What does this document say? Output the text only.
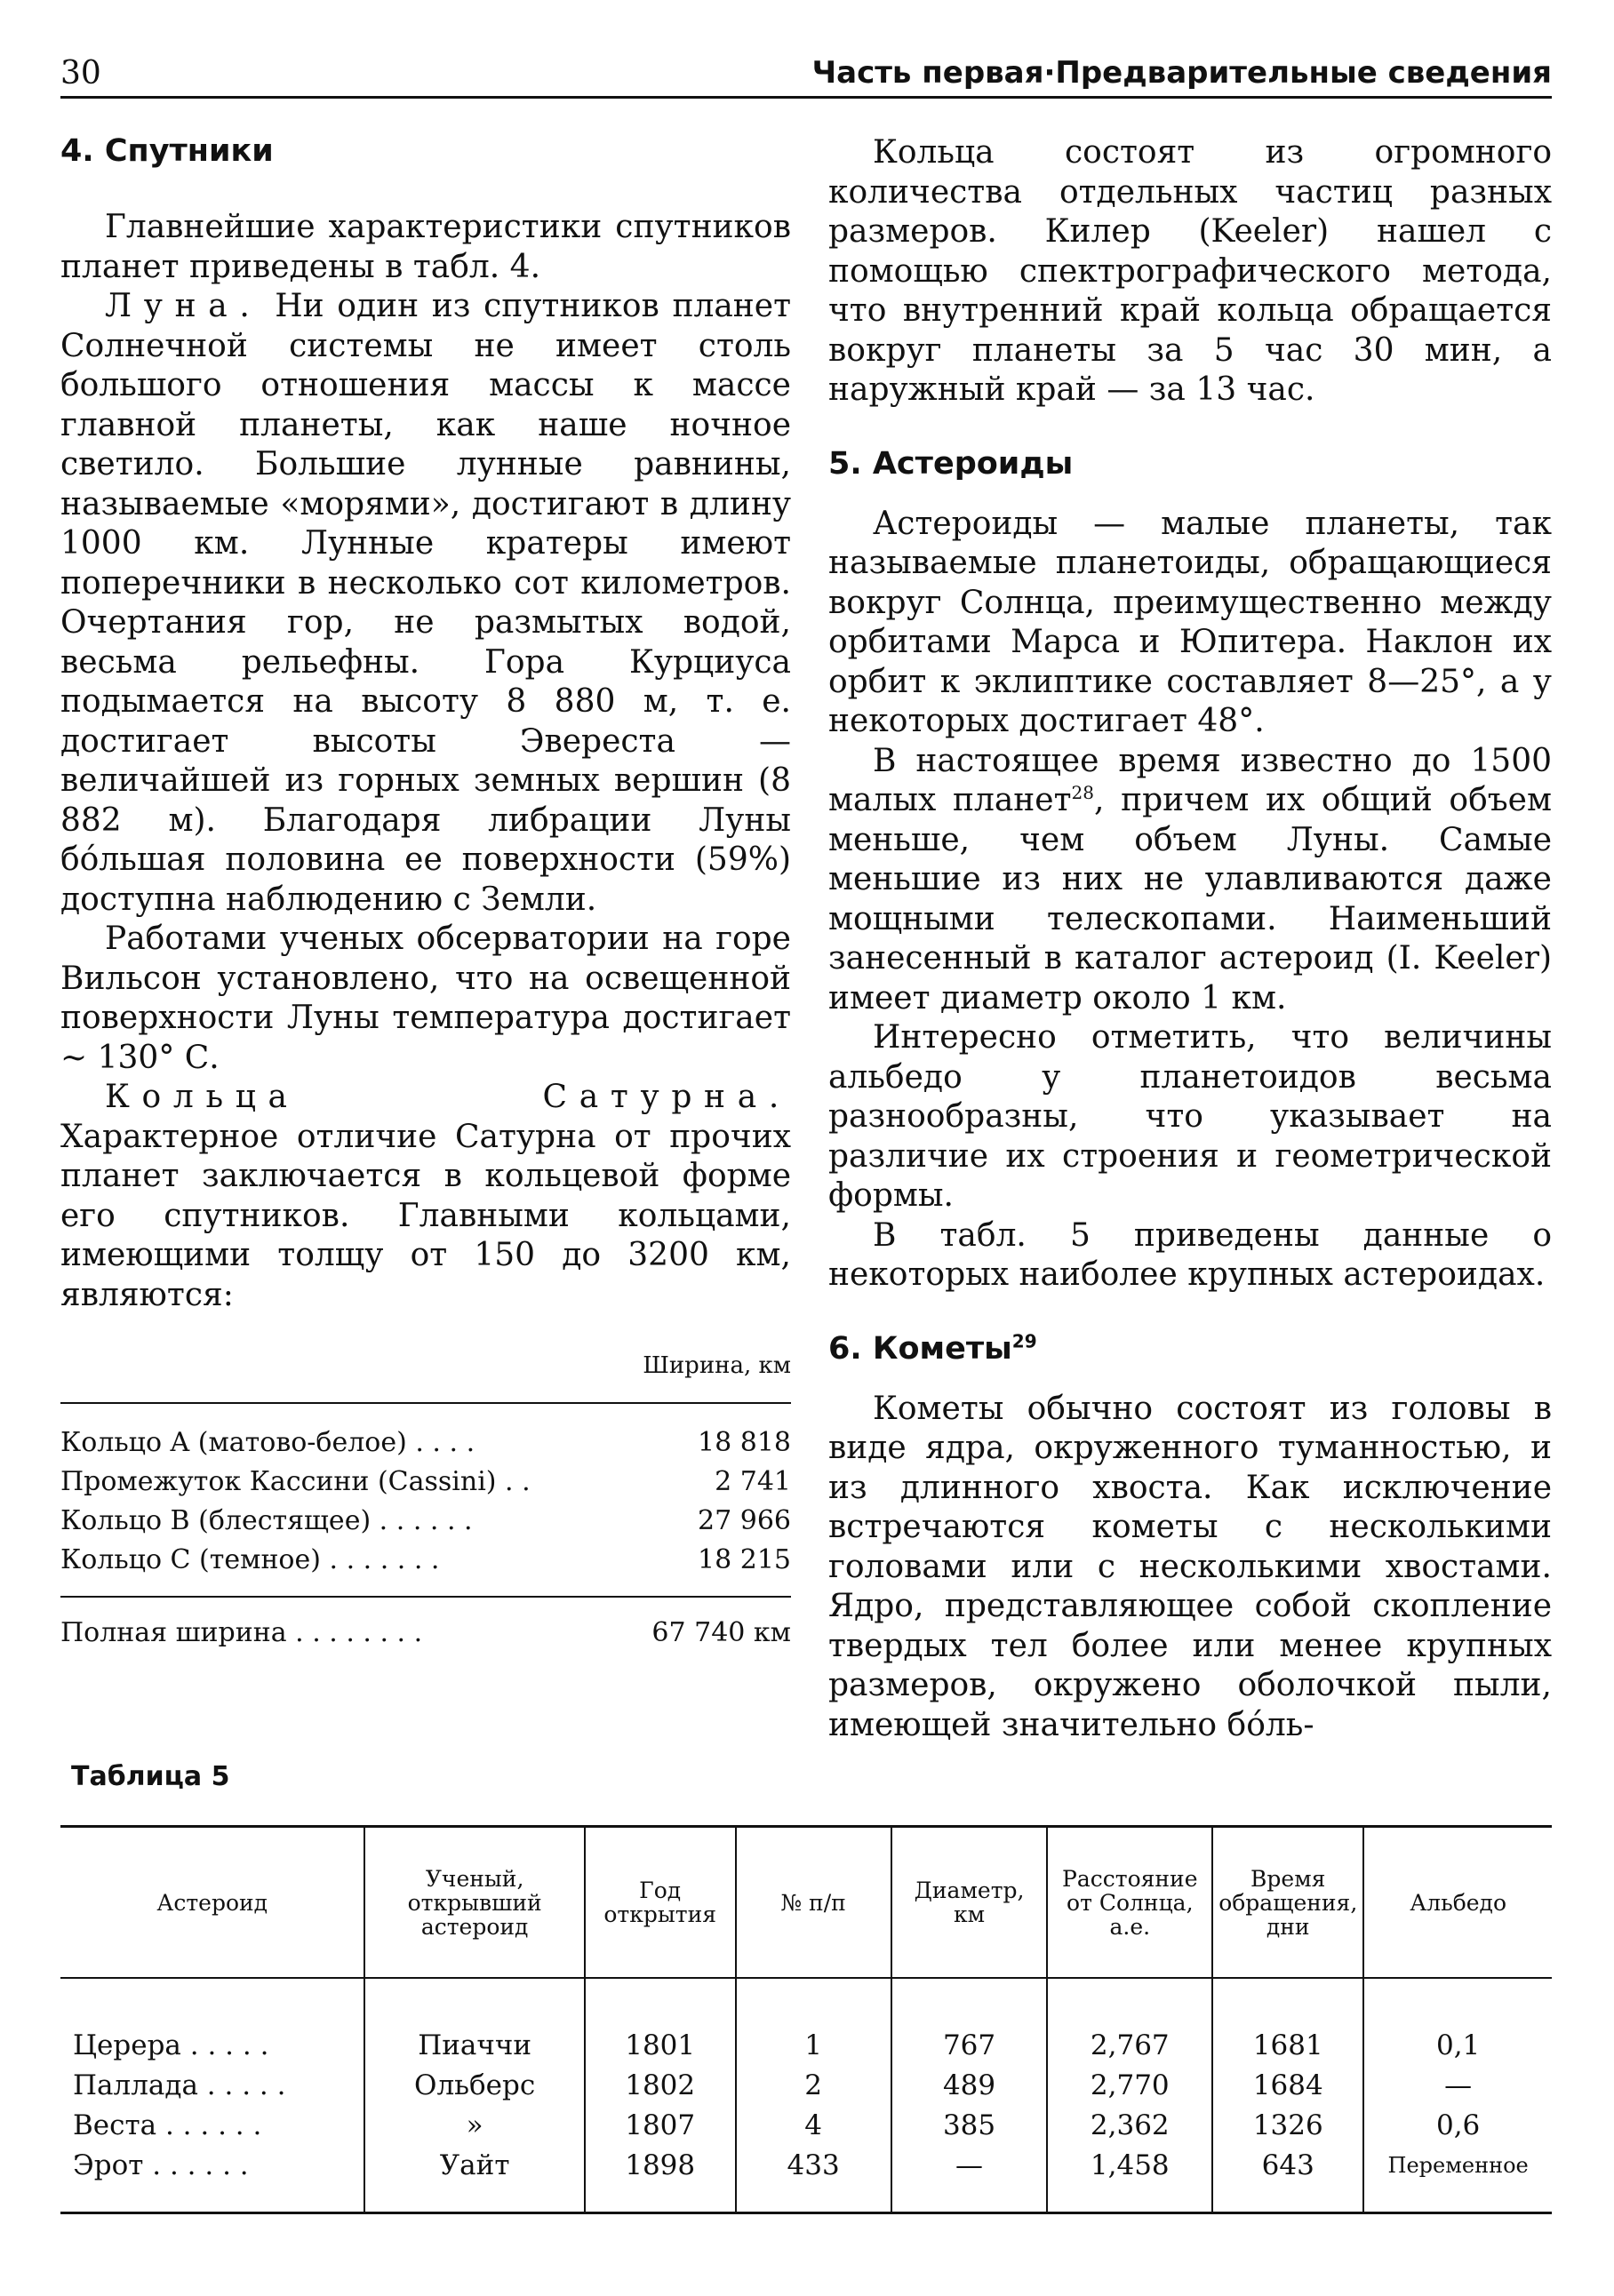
30	Часть первая·Предварительные сведения
4. Спутники

Главнейшие характеристики спутников планет приведены в табл. 4.

Луна. Ни один из спутников планет Солнечной системы не имеет столь большого отношения массы к массе главной планеты, как наше ночное светило. Большие лунные равнины, называемые «морями», достигают в длину 1000 км. Лунные кратеры имеют поперечники в несколько сот километров. Очертания гор, не размытых водой, весьма рельефны. Гора Курциуса подымается на высоту 8 880 м, т. е. достигает высоты Эвереста — величайшей из горных земных вершин (8 882 м). Благодаря либрации Луны бóльшая половина ее поверхности (59%) доступна наблюдению с Земли.

Работами ученых обсерватории на горе Вильсон установлено, что на освещенной поверхности Луны температура достигает ∼ 130° С.

Кольца Сатурна. Характерное отличие Сатурна от прочих планет заключается в кольцевой форме его спутников. Главными кольцами, имеющими толщу от 150 до 3200 км, являются:

Ширина, км
Кольцо A (матово-белое) . . . .	18 818
Промежуток Кассини (Cassini) . .	2 741
Кольцо B (блестящее) . . . . . .	27 966
Кольцо C (темное) . . . . . . .	18 215
Полная ширина . . . . . . . .	67 740 км

Кольца состоят из огромного количества отдельных частиц разных размеров. Килер (Keeler) нашел с помощью спектрографического метода, что внутренний край кольца обращается вокруг планеты за 5 час 30 мин, а наружный край — за 13 час.

5. Астероиды

Астероиды — малые планеты, так называемые планетоиды, обращающиеся вокруг Солнца, преимущественно между орбитами Марса и Юпитера. Наклон их орбит к эклиптике составляет 8—25°, а у некоторых достигает 48°.

В настоящее время известно до 1500 малых планет$^{28}$, причем их общий объем меньше, чем объем Луны. Самые меньшие из них не улавливаются даже мощными телескопами. Наименьший занесенный в каталог астероид (I. Keeler) имеет диаметр около 1 км.

Интересно отметить, что величины альбедо у планетоидов весьма разнообразны, что указывает на различие их строения и геометрической формы.

В табл. 5 приведены данные о некоторых наиболее крупных астероидах.

6. Кометы$^{29}$

Кометы обычно состоят из головы в виде ядра, окруженного туманностью, и из длинного хвоста. Как исключение встречаются кометы с несколькими головами или с несколькими хвостами. Ядро, представляющее собой скопление твердых тел более или менее крупных размеров, окружено оболочкой пыли, имеющей значительно бóль-

Таблица 5
Астероид	Ученый, открывший астероид	Год открытия	№ п/п	Диаметр, км	Расстояние от Солнца, а.е.	Время обращения, дни	Альбедо
Церера . . . . .	Пиаччи	1801	1	767	2,767	1681	0,1
Паллада . . . . .	Ольберс	1802	2	489	2,770	1684	—
Веста . . . . . .	»	1807	4	385	2,362	1326	0,6
Эрот . . . . . .	Уайт	1898	433	—	1,458	643	Переменное
